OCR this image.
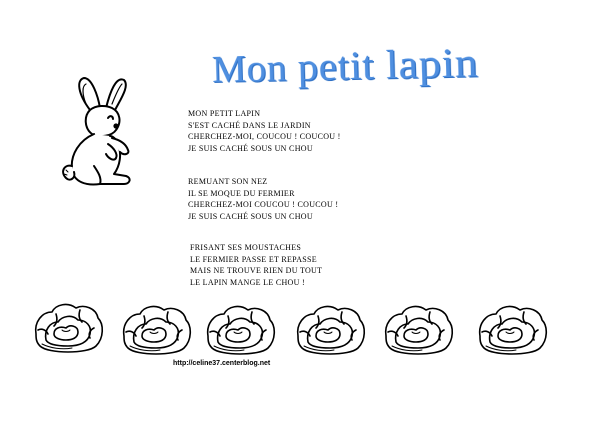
Mon petit lapin
MON PETIT LAPIN
S'EST CACHÉ DANS LE JARDIN
CHERCHEZ-MOI, COUCOU ! COUCOU !
JE SUIS CACHÉ SOUS UN CHOU
REMUANT SON NEZ
IL SE MOQUE DU FERMIER
CHERCHEZ-MOI COUCOU ! COUCOU !
JE SUIS CACHÉ SOUS UN CHOU
FRISANT SES MOUSTACHES
LE FERMIER PASSE ET REPASSE
MAIS NE TROUVE RIEN DU TOUT
LE LAPIN MANGE LE CHOU !
http://celine37.centerblog.net
